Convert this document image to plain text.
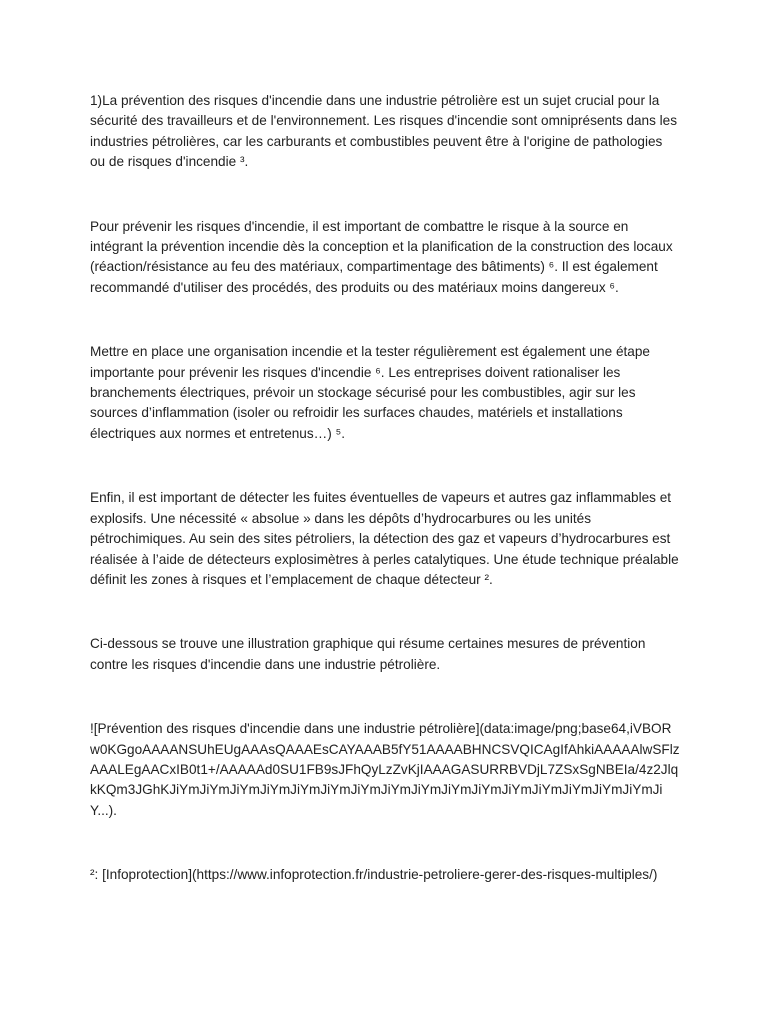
1)La prévention des risques d'incendie dans une industrie pétrolière est un sujet crucial pour la sécurité des travailleurs et de l'environnement. Les risques d'incendie sont omniprésents dans les industries pétrolières, car les carburants et combustibles peuvent être à l'origine de pathologies ou de risques d'incendie ³.

Pour prévenir les risques d'incendie, il est important de combattre le risque à la source en intégrant la prévention incendie dès la conception et la planification de la construction des locaux (réaction/résistance au feu des matériaux, compartimentage des bâtiments) ⁶. Il est également recommandé d'utiliser des procédés, des produits ou des matériaux moins dangereux ⁶.

Mettre en place une organisation incendie et la tester régulièrement est également une étape importante pour prévenir les risques d'incendie ⁶. Les entreprises doivent rationaliser les branchements électriques, prévoir un stockage sécurisé pour les combustibles, agir sur les sources d’inflammation (isoler ou refroidir les surfaces chaudes, matériels et installations électriques aux normes et entretenus…) ⁵.

Enfin, il est important de détecter les fuites éventuelles de vapeurs et autres gaz inflammables et explosifs. Une nécessité « absolue » dans les dépôts d’hydrocarbures ou les unités pétrochimiques. Au sein des sites pétroliers, la détection des gaz et vapeurs d’hydrocarbures est réalisée à l’aide de détecteurs explosimètres à perles catalytiques. Une étude technique préalable définit les zones à risques et l’emplacement de chaque détecteur ².

Ci-dessous se trouve une illustration graphique qui résume certaines mesures de prévention contre les risques d'incendie dans une industrie pétrolière.

![Prévention des risques d'incendie dans une industrie pétrolière](data:image/png;base64,iVBORw0KGgoAAAANSUhEUgAAAsQAAAEsCAYAAAB5fY51AAAABHNCSVQICAgIfAhkiAAAAAlwSFlzAAALEgAACxIB0t1+/AAAAAd0SU1FB9sJFhQyLzZvKjIAAAGASURRBVDjL7ZSxSgNBEIa/4z2JlqkKQm3JGhKJiYmJiYmJiYmJiYmJiYmJiYmJiYmJiYmJiYmJiYmJiYmJiYmJiYmJiYmJiYmJiYmJiY...).

²: [Infoprotection](https://www.infoprotection.fr/industrie-petroliere-gerer-des-risques-multiples/)
